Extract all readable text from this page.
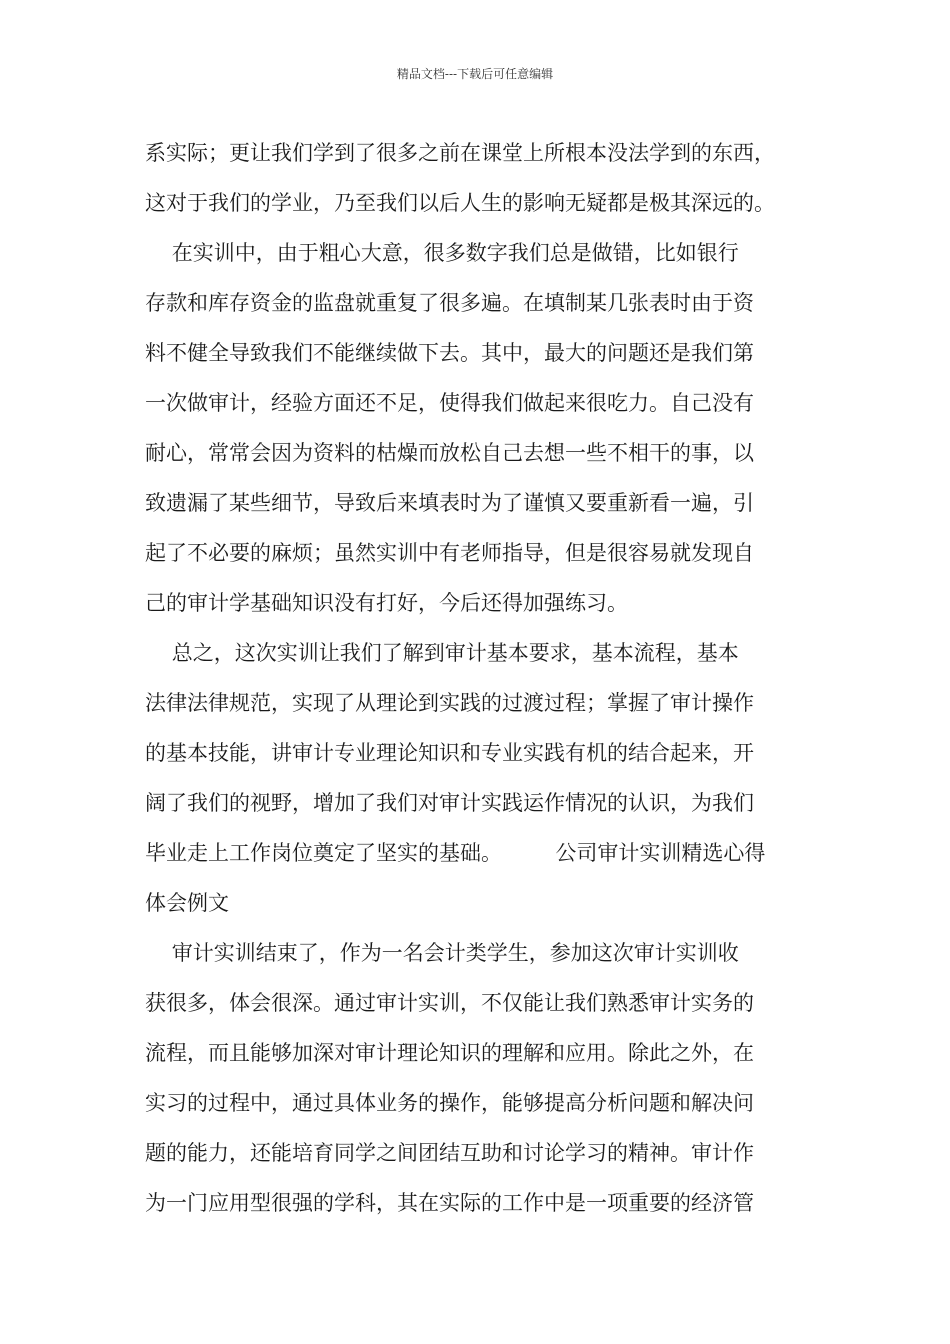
精品文档---下载后可任意编辑
系实际；更让我们学到了很多之前在课堂上所根本没法学到的东西，
这对于我们的学业，乃至我们以后人生的影响无疑都是极其深远的。
在实训中，由于粗心大意，很多数字我们总是做错，比如银行
存款和库存资金的监盘就重复了很多遍。在填制某几张表时由于资
料不健全导致我们不能继续做下去。其中，最大的问题还是我们第
一次做审计，经验方面还不足，使得我们做起来很吃力。自己没有
耐心，常常会因为资料的枯燥而放松自己去想一些不相干的事，以
致遗漏了某些细节，导致后来填表时为了谨慎又要重新看一遍，引
起了不必要的麻烦；虽然实训中有老师指导，但是很容易就发现自
己的审计学基础知识没有打好，今后还得加强练习。
总之，这次实训让我们了解到审计基本要求，基本流程，基本
法律法律规范，实现了从理论到实践的过渡过程；掌握了审计操作
的基本技能，讲审计专业理论知识和专业实践有机的结合起来，开
阔了我们的视野，增加了我们对审计实践运作情况的认识，为我们
毕业走上工作岗位奠定了坚实的基础。        公司审计实训精选心得
体会例文
审计实训结束了，作为一名会计类学生，参加这次审计实训收
获很多，体会很深。通过审计实训，不仅能让我们熟悉审计实务的
流程，而且能够加深对审计理论知识的理解和应用。除此之外，在
实习的过程中，通过具体业务的操作，能够提高分析问题和解决问
题的能力，还能培育同学之间团结互助和讨论学习的精神。审计作
为一门应用型很强的学科，其在实际的工作中是一项重要的经济管
